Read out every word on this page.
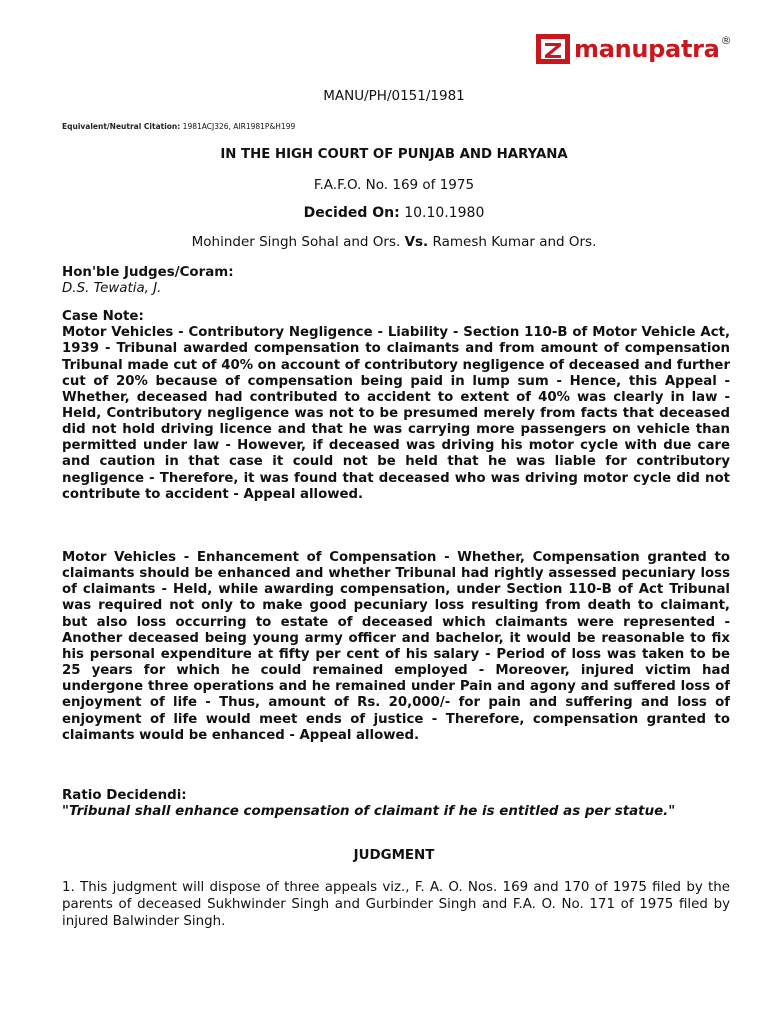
manupatra ®
MANU/PH/0151/1981
Equivalent/Neutral Citation: 1981ACJ326, AIR1981P&H199
IN THE HIGH COURT OF PUNJAB AND HARYANA
F.A.F.O. No. 169 of 1975
Decided On: 10.10.1980
Mohinder Singh Sohal and Ors. Vs. Ramesh Kumar and Ors.
Hon'ble Judges/Coram:
D.S. Tewatia, J.
Case Note:
Motor Vehicles - Contributory Negligence - Liability - Section 110-B of Motor Vehicle Act, 1939 - Tribunal awarded compensation to claimants and from amount of compensation Tribunal made cut of 40% on account of contributory negligence of deceased and further cut of 20% because of compensation being paid in lump sum - Hence, this Appeal - Whether, deceased had contributed to accident to extent of 40% was clearly in law - Held, Contributory negligence was not to be presumed merely from facts that deceased did not hold driving licence and that he was carrying more passengers on vehicle than permitted under law - However, if deceased was driving his motor cycle with due care and caution in that case it could not be held that he was liable for contributory negligence - Therefore, it was found that deceased who was driving motor cycle did not contribute to accident - Appeal allowed.
Motor Vehicles - Enhancement of Compensation - Whether, Compensation granted to claimants should be enhanced and whether Tribunal had rightly assessed pecuniary loss of claimants - Held, while awarding compensation, under Section 110-B of Act Tribunal was required not only to make good pecuniary loss resulting from death to claimant, but also loss occurring to estate of deceased which claimants were represented - Another deceased being young army officer and bachelor, it would be reasonable to fix his personal expenditure at fifty per cent of his salary - Period of loss was taken to be 25 years for which he could remained employed - Moreover, injured victim had undergone three operations and he remained under Pain and agony and suffered loss of enjoyment of life - Thus, amount of Rs. 20,000/- for pain and suffering and loss of enjoyment of life would meet ends of justice - Therefore, compensation granted to claimants would be enhanced - Appeal allowed.
Ratio Decidendi:
"Tribunal shall enhance compensation of claimant if he is entitled as per statue."
JUDGMENT
1. This judgment will dispose of three appeals viz., F. A. O. Nos. 169 and 170 of 1975 filed by the parents of deceased Sukhwinder Singh and Gurbinder Singh and F.A. O. No. 171 of 1975 filed by injured Balwinder Singh.
